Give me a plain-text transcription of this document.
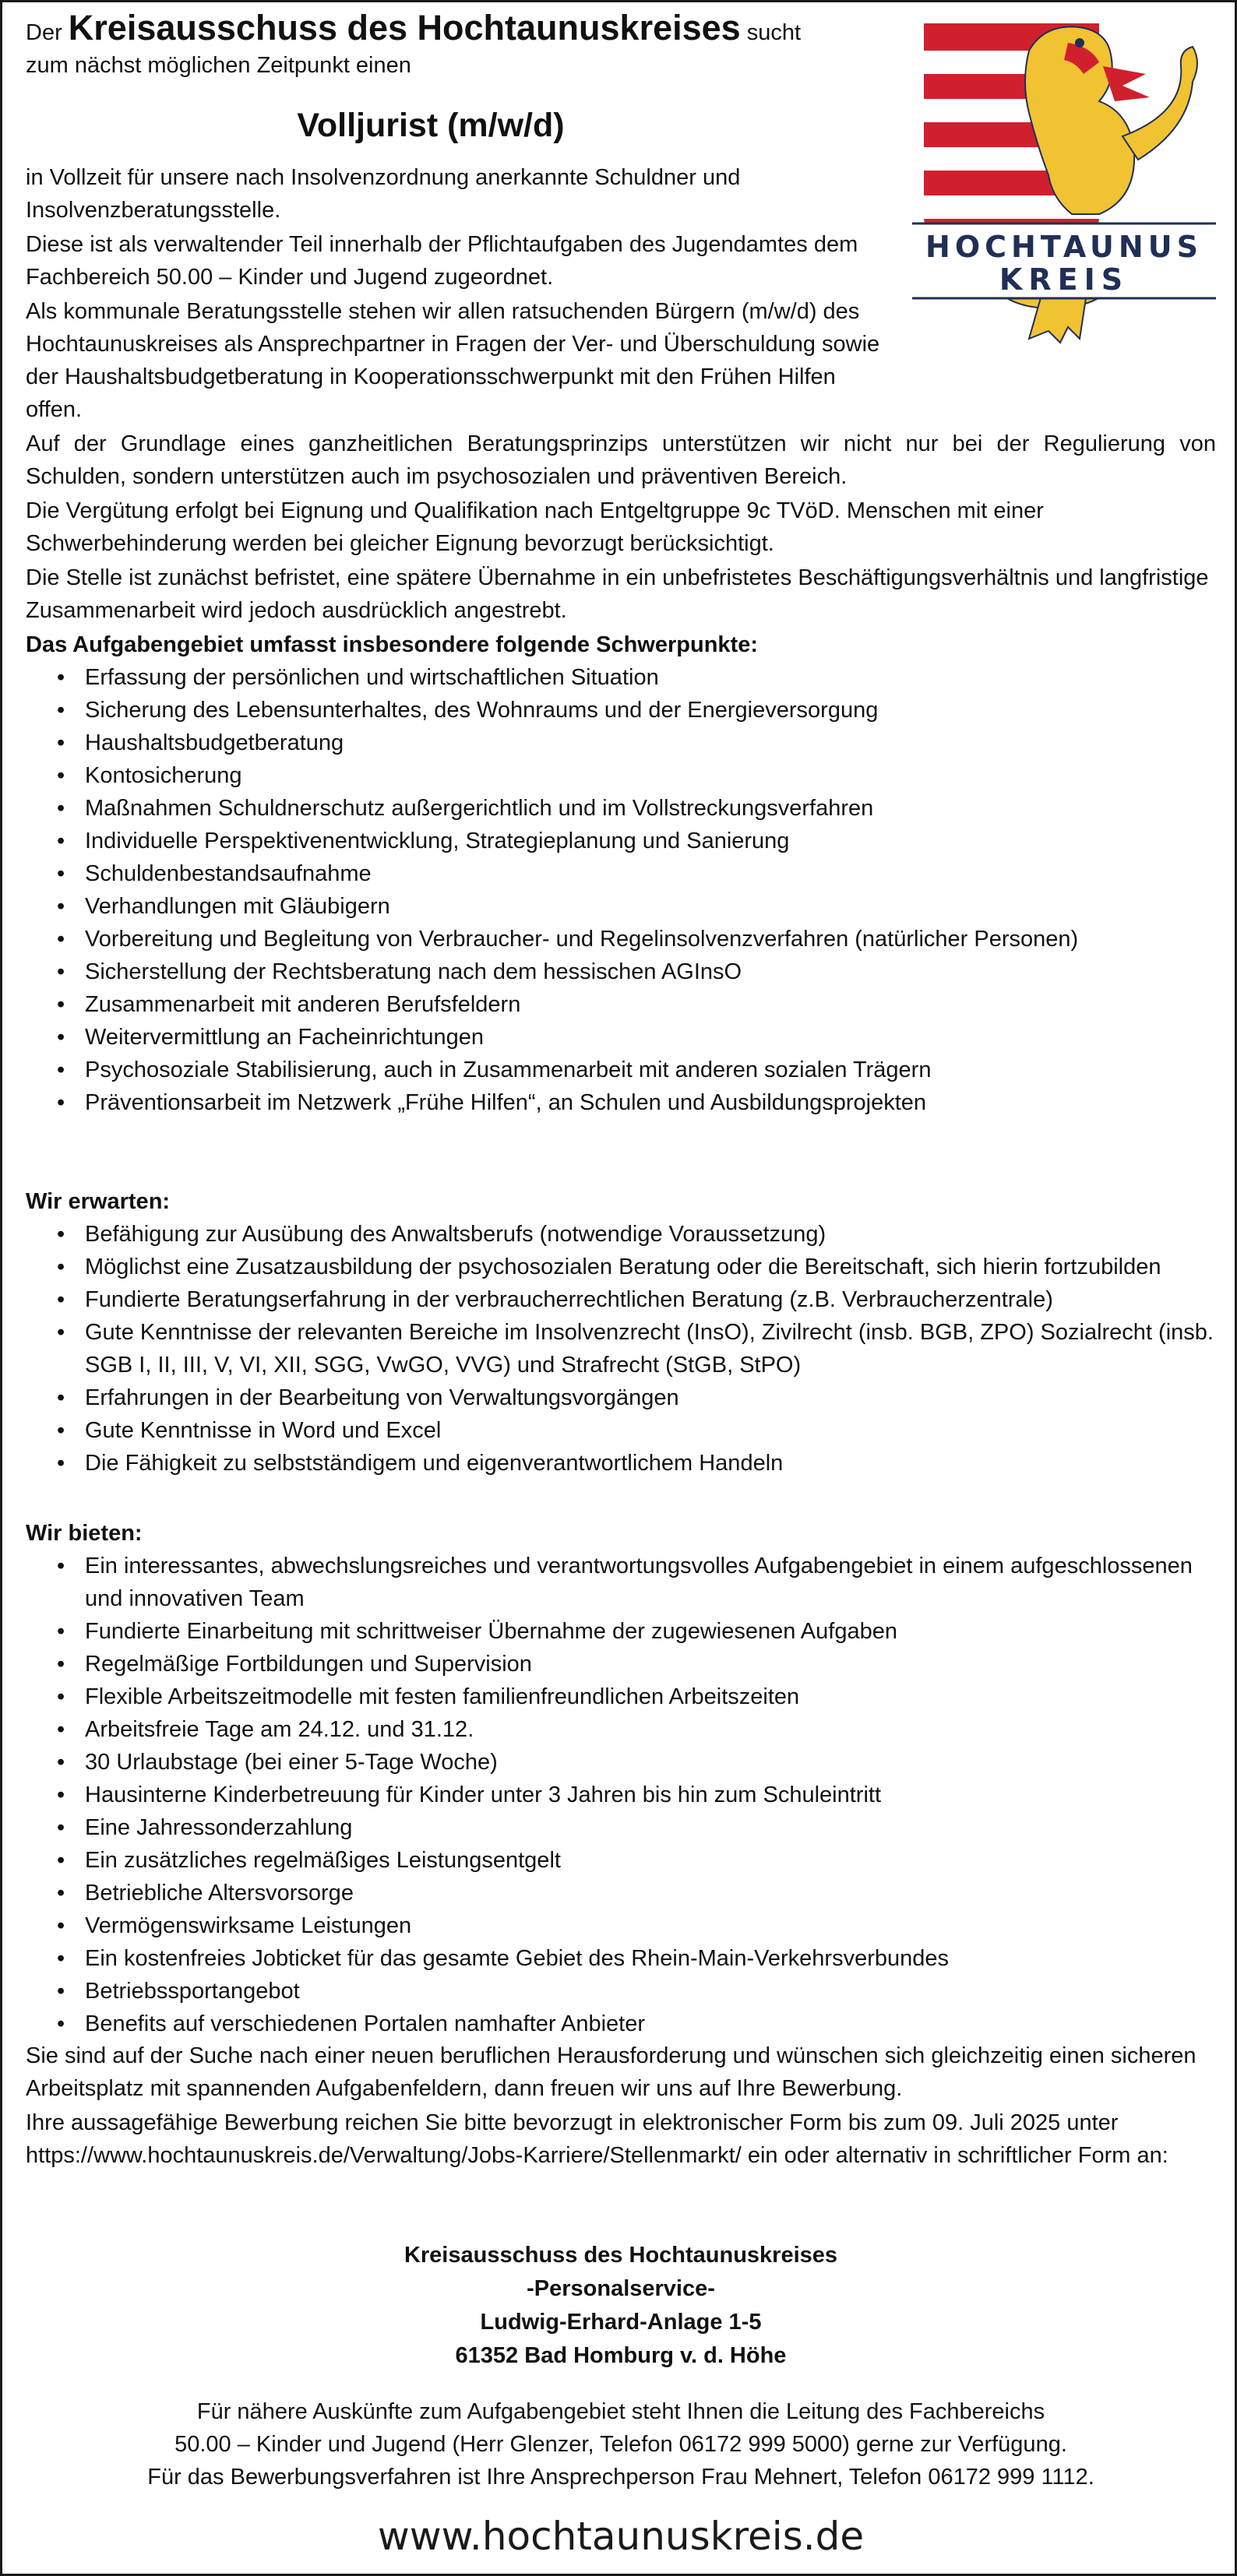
Der Kreisausschuss des Hochtaunuskreises sucht
zum nächst möglichen Zeitpunkt einen
Volljurist (m/w/d)
HOCHTAUNUS
KREIS

in Vollzeit für unsere nach Insolvenzordnung anerkannte Schuldner und Insolvenzberatungsstelle.

Diese ist als verwaltender Teil innerhalb der Pflichtaufgaben des Jugendamtes dem Fachbereich 50.00 – Kinder und Jugend zugeordnet.

Als kommunale Beratungsstelle stehen wir allen ratsuchenden Bürgern (m/w/d) des Hochtaunuskreises als Ansprechpartner in Fragen der Ver- und Überschuldung sowie der Haushaltsbudgetberatung in Kooperationsschwerpunkt mit den Frühen Hilfen offen.

Auf der Grundlage eines ganzheitlichen Beratungsprinzips unterstützen wir nicht nur bei der Regulierung von Schulden, sondern unterstützen auch im psychosozialen und präventiven Bereich.

Die Vergütung erfolgt bei Eignung und Qualifikation nach Entgeltgruppe 9c TVöD. Menschen mit einer Schwerbehinderung werden bei gleicher Eignung bevorzugt berücksichtigt.

Die Stelle ist zunächst befristet, eine spätere Übernahme in ein unbefristetes Beschäftigungsverhältnis und langfristige Zusammenarbeit wird jedoch ausdrücklich angestrebt.

Das Aufgabengebiet umfasst insbesondere folgende Schwerpunkte:

• Erfassung der persönlichen und wirtschaftlichen Situation
• Sicherung des Lebensunterhaltes, des Wohnraums und der Energieversorgung
• Haushaltsbudgetberatung
• Kontosicherung
• Maßnahmen Schuldnerschutz außergerichtlich und im Vollstreckungsverfahren
• Individuelle Perspektivenentwicklung, Strategieplanung und Sanierung
• Schuldenbestandsaufnahme
• Verhandlungen mit Gläubigern
• Vorbereitung und Begleitung von Verbraucher- und Regelinsolvenzverfahren (natürlicher Personen)
• Sicherstellung der Rechtsberatung nach dem hessischen AGInsO
• Zusammenarbeit mit anderen Berufsfeldern
• Weitervermittlung an Facheinrichtungen
• Psychosoziale Stabilisierung, auch in Zusammenarbeit mit anderen sozialen Trägern
• Präventionsarbeit im Netzwerk „Frühe Hilfen“, an Schulen und Ausbildungsprojekten

Wir erwarten:

• Befähigung zur Ausübung des Anwaltsberufs (notwendige Voraussetzung)
• Möglichst eine Zusatzausbildung der psychosozialen Beratung oder die Bereitschaft, sich hierin fortzubilden
• Fundierte Beratungserfahrung in der verbraucherrechtlichen Beratung (z.B. Verbraucherzentrale)
• Gute Kenntnisse der relevanten Bereiche im Insolvenzrecht (InsO), Zivilrecht (insb. BGB, ZPO) Sozialrecht (insb. SGB I, II, III, V, VI, XII, SGG, VwGO, VVG) und Strafrecht (StGB, StPO)
• Erfahrungen in der Bearbeitung von Verwaltungsvorgängen
• Gute Kenntnisse in Word und Excel
• Die Fähigkeit zu selbstständigem und eigenverantwortlichem Handeln

Wir bieten:

• Ein interessantes, abwechslungsreiches und verantwortungsvolles Aufgabengebiet in einem aufgeschlossenen und innovativen Team
• Fundierte Einarbeitung mit schrittweiser Übernahme der zugewiesenen Aufgaben
• Regelmäßige Fortbildungen und Supervision
• Flexible Arbeitszeitmodelle mit festen familienfreundlichen Arbeitszeiten
• Arbeitsfreie Tage am 24.12. und 31.12.
• 30 Urlaubstage (bei einer 5-Tage Woche)
• Hausinterne Kinderbetreuung für Kinder unter 3 Jahren bis hin zum Schuleintritt
• Eine Jahressonderzahlung
• Ein zusätzliches regelmäßiges Leistungsentgelt
• Betriebliche Altersvorsorge
• Vermögenswirksame Leistungen
• Ein kostenfreies Jobticket für das gesamte Gebiet des Rhein-Main-Verkehrsverbundes
• Betriebssportangebot
• Benefits auf verschiedenen Portalen namhafter Anbieter

Sie sind auf der Suche nach einer neuen beruflichen Herausforderung und wünschen sich gleichzeitig einen sicheren Arbeitsplatz mit spannenden Aufgabenfeldern, dann freuen wir uns auf Ihre Bewerbung.

Ihre aussagefähige Bewerbung reichen Sie bitte bevorzugt in elektronischer Form bis zum 09. Juli 2025 unter https://www.hochtaunuskreis.de/Verwaltung/Jobs-Karriere/Stellenmarkt/ ein oder alternativ in schriftlicher Form an:

Kreisausschuss des Hochtaunuskreises
-Personalservice-
Ludwig-Erhard-Anlage 1-5
61352 Bad Homburg v. d. Höhe
Für nähere Auskünfte zum Aufgabengebiet steht Ihnen die Leitung des Fachbereichs
50.00 – Kinder und Jugend (Herr Glenzer, Telefon 06172 999 5000) gerne zur Verfügung.
Für das Bewerbungsverfahren ist Ihre Ansprechperson Frau Mehnert, Telefon 06172 999 1112.
www.hochtaunuskreis.de
